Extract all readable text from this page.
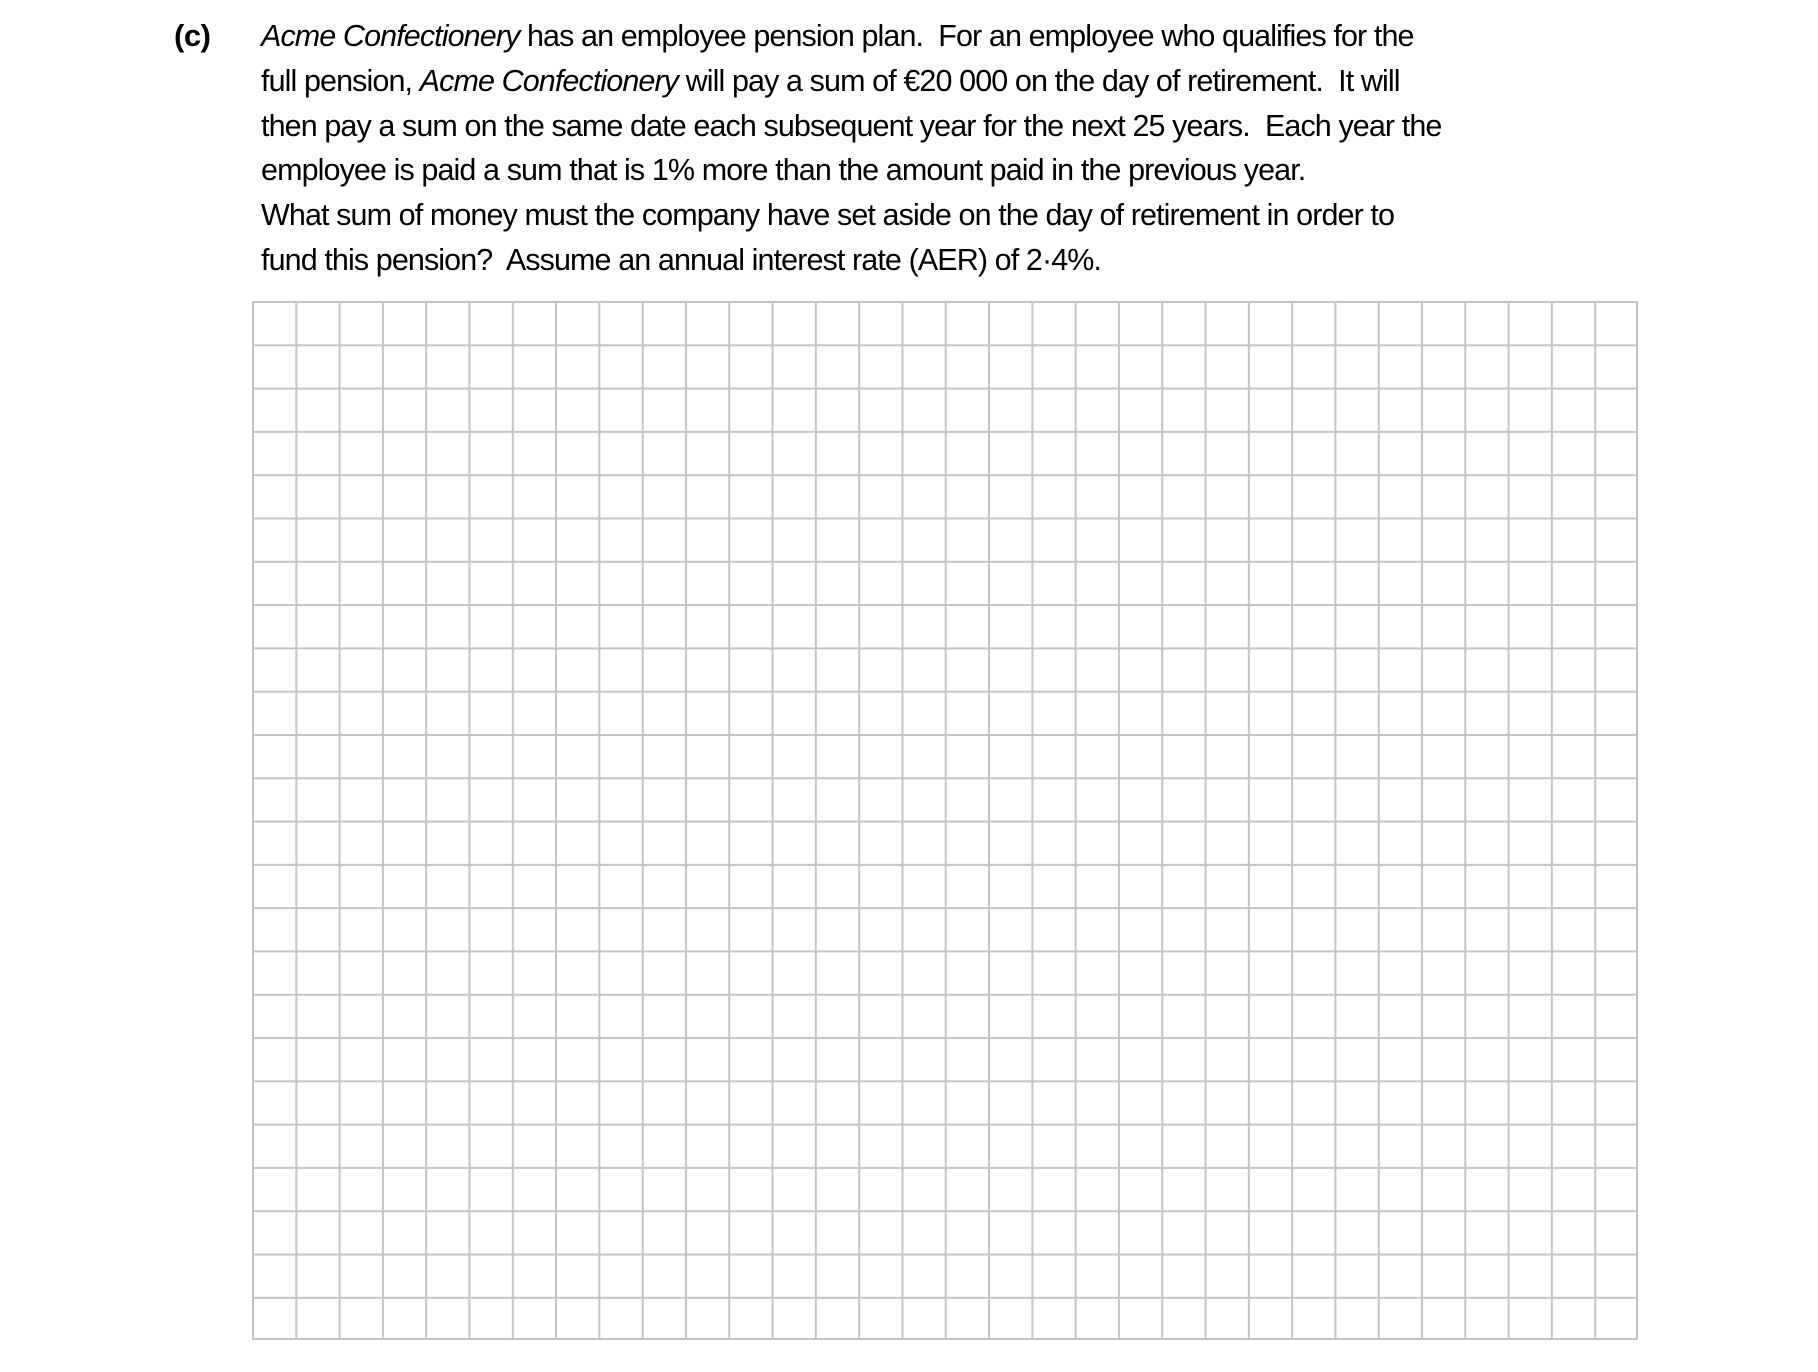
(c) Acme Confectionery has an employee pension plan.  For an employee who qualifies for the
full pension, Acme Confectionery will pay a sum of €20 000 on the day of retirement.  It will
then pay a sum on the same date each subsequent year for the next 25 years.  Each year the
employee is paid a sum that is 1% more than the amount paid in the previous year.
What sum of money must the company have set aside on the day of retirement in order to
fund this pension?  Assume an annual interest rate (AER) of 2·4%.
